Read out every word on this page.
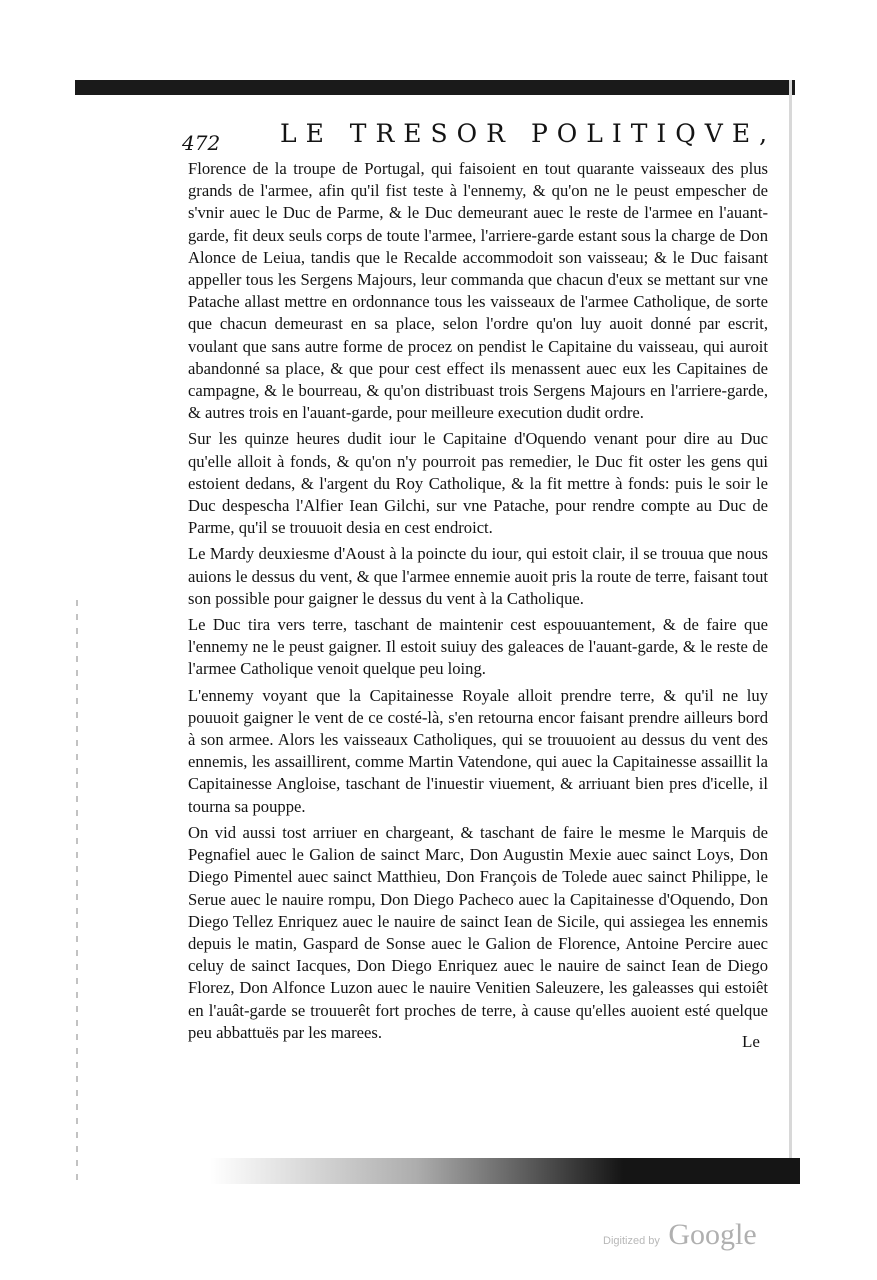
472 LE TRESOR POLITIQVE,

Florence de la troupe de Portugal, qui faisoient en tout quarante vaisseaux des plus grands de l'armee, afin qu'il fist teste à l'ennemy, & qu'on ne le peust empescher de s'vnir auec le Duc de Parme, & le Duc demeurant auec le reste de l'armee en l'auant-garde, fit deux seuls corps de toute l'armee, l'arriere-garde estant sous la charge de Don Alonce de Leiua, tandis que le Recalde accommodoit son vaisseau; & le Duc faisant appeller tous les Sergens Majours, leur commanda que chacun d'eux se mettant sur vne Patache allast mettre en ordonnance tous les vaisseaux de l'armee Catholique, de sorte que chacun demeurast en sa place, selon l'ordre qu'on luy auoit donné par escrit, voulant que sans autre forme de procez on pendist le Capitaine du vaisseau, qui auroit abandonné sa place, & que pour cest effect ils menassent auec eux les Capitaines de campagne, & le bourreau, & qu'on distribuast trois Sergens Majours en l'arriere-garde, & autres trois en l'auant-garde, pour meilleure execution dudit ordre.

Sur les quinze heures dudit iour le Capitaine d'Oquendo venant pour dire au Duc qu'elle alloit à fonds, & qu'on n'y pourroit pas remedier, le Duc fit oster les gens qui estoient dedans, & l'argent du Roy Catholique, & la fit mettre à fonds: puis le soir le Duc despescha l'Alfier Iean Gilchi, sur vne Patache, pour rendre compte au Duc de Parme, qu'il se trouuoit desia en cest endroict.

Le Mardy deuxiesme d'Aoust à la poincte du iour, qui estoit clair, il se trouua que nous auions le dessus du vent, & que l'armee ennemie auoit pris la route de terre, faisant tout son possible pour gaigner le dessus du vent à la Catholique.

Le Duc tira vers terre, taschant de maintenir cest espouuantement, & de faire que l'ennemy ne le peust gaigner. Il estoit suiuy des galeaces de l'auant-garde, & le reste de l'armee Catholique venoit quelque peu loing.

L'ennemy voyant que la Capitainesse Royale alloit prendre terre, & qu'il ne luy pouuoit gaigner le vent de ce costé-là, s'en retourna encor faisant prendre ailleurs bord à son armee. Alors les vaisseaux Catholiques, qui se trouuoient au dessus du vent des ennemis, les assaillirent, comme Martin Vatendone, qui auec la Capitainesse assaillit la Capitainesse Angloise, taschant de l'inuestir viuement, & arriuant bien pres d'icelle, il tourna sa pouppe.

On vid aussi tost arriuer en chargeant, & taschant de faire le mesme le Marquis de Pegnafiel auec le Galion de sainct Marc, Don Augustin Mexie auec sainct Loys, Don Diego Pimentel auec sainct Matthieu, Don François de Tolede auec sainct Philippe, le Serue auec le nauire rompu, Don Diego Pacheco auec la Capitainesse d'Oquendo, Don Diego Tellez Enriquez auec le nauire de sainct Iean de Sicile, qui assiegea les ennemis depuis le matin, Gaspard de Sonse auec le Galion de Florence, Antoine Percire auec celuy de sainct Iacques, Don Diego Enriquez auec le nauire de sainct Iean de Diego Florez, Don Alfonce Luzon auec le nauire Venitien Saleuzere, les galeasses qui estoiêt en l'auât-garde se trouuerêt fort proches de terre, à cause qu'elles auoient esté quelque peu abbattuës par les marees.	Le
Digitized by Google
